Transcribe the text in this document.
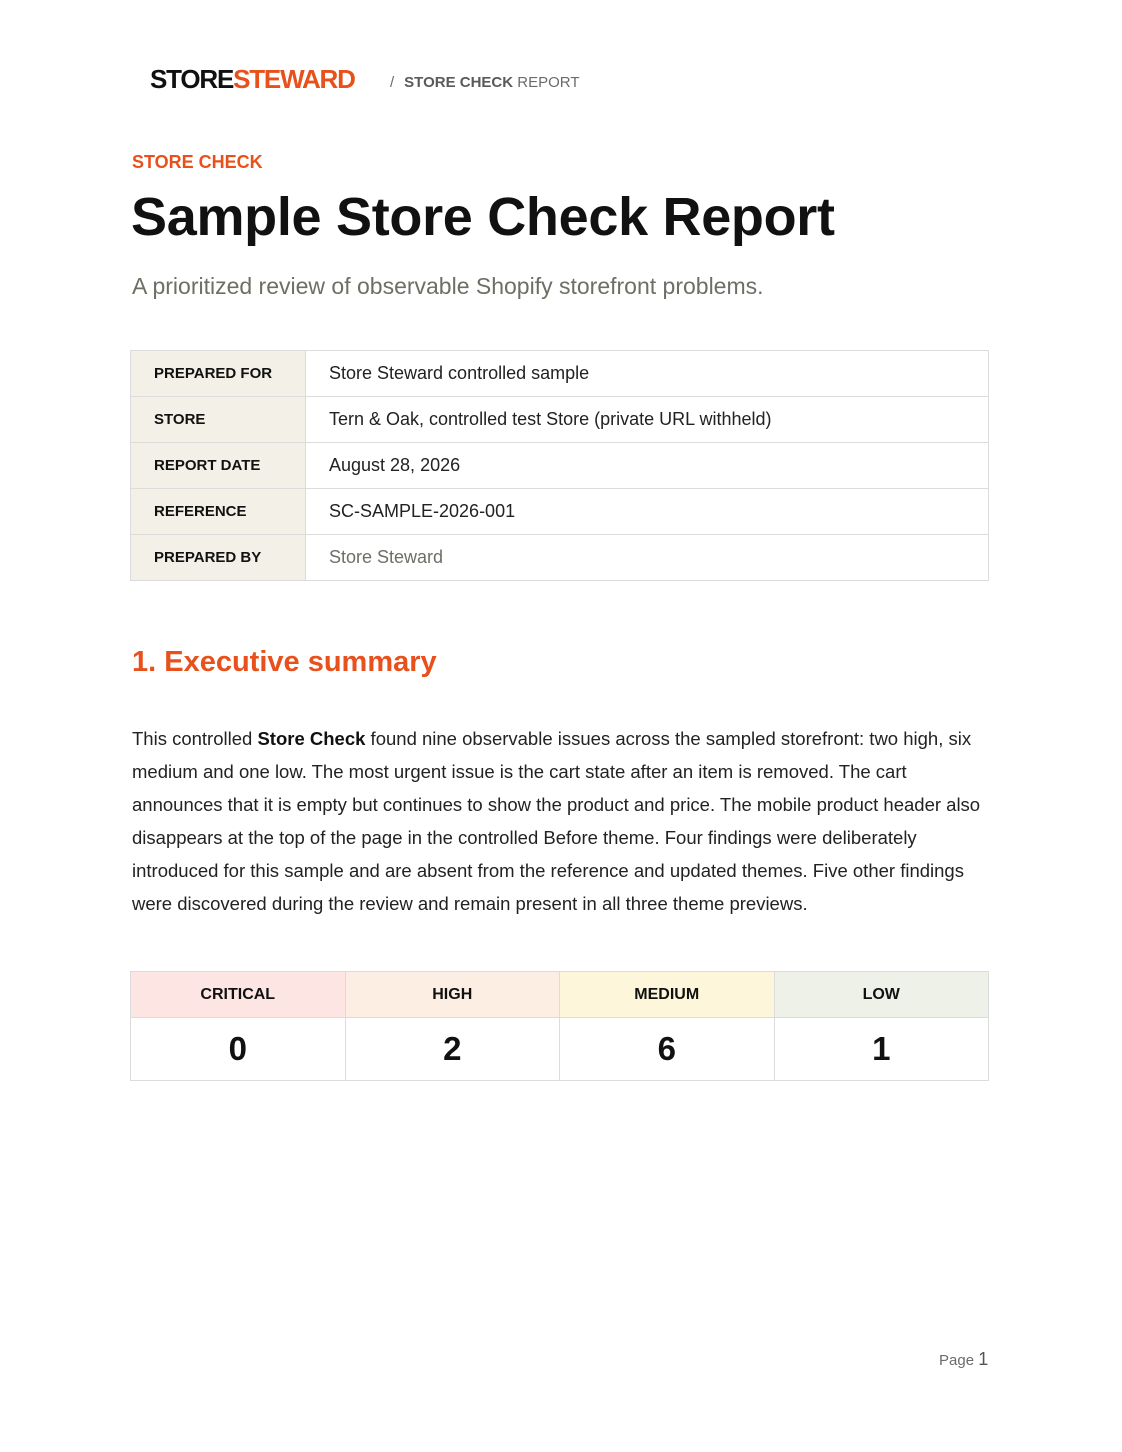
STORESTEWARD / STORE CHECK REPORT
STORE CHECK
Sample Store Check Report
A prioritized review of observable Shopify storefront problems.
PREPARED FOR	Store Steward controlled sample
STORE	Tern & Oak, controlled test Store (private URL withheld)
REPORT DATE	August 28, 2026
REFERENCE	SC-SAMPLE-2026-001
PREPARED BY	Store Steward
1. Executive summary

This controlled Store Check found nine observable issues across the sampled storefront: two high, six medium and one low. The most urgent issue is the cart state after an item is removed. The cart announces that it is empty but continues to show the product and price. The mobile product header also disappears at the top of the page in the controlled Before theme. Four findings were deliberately introduced for this sample and are absent from the reference and updated themes. Five other findings were discovered during the review and remain present in all three theme previews.

CRITICAL	HIGH	MEDIUM	LOW
0	2	6	1
Page 1
